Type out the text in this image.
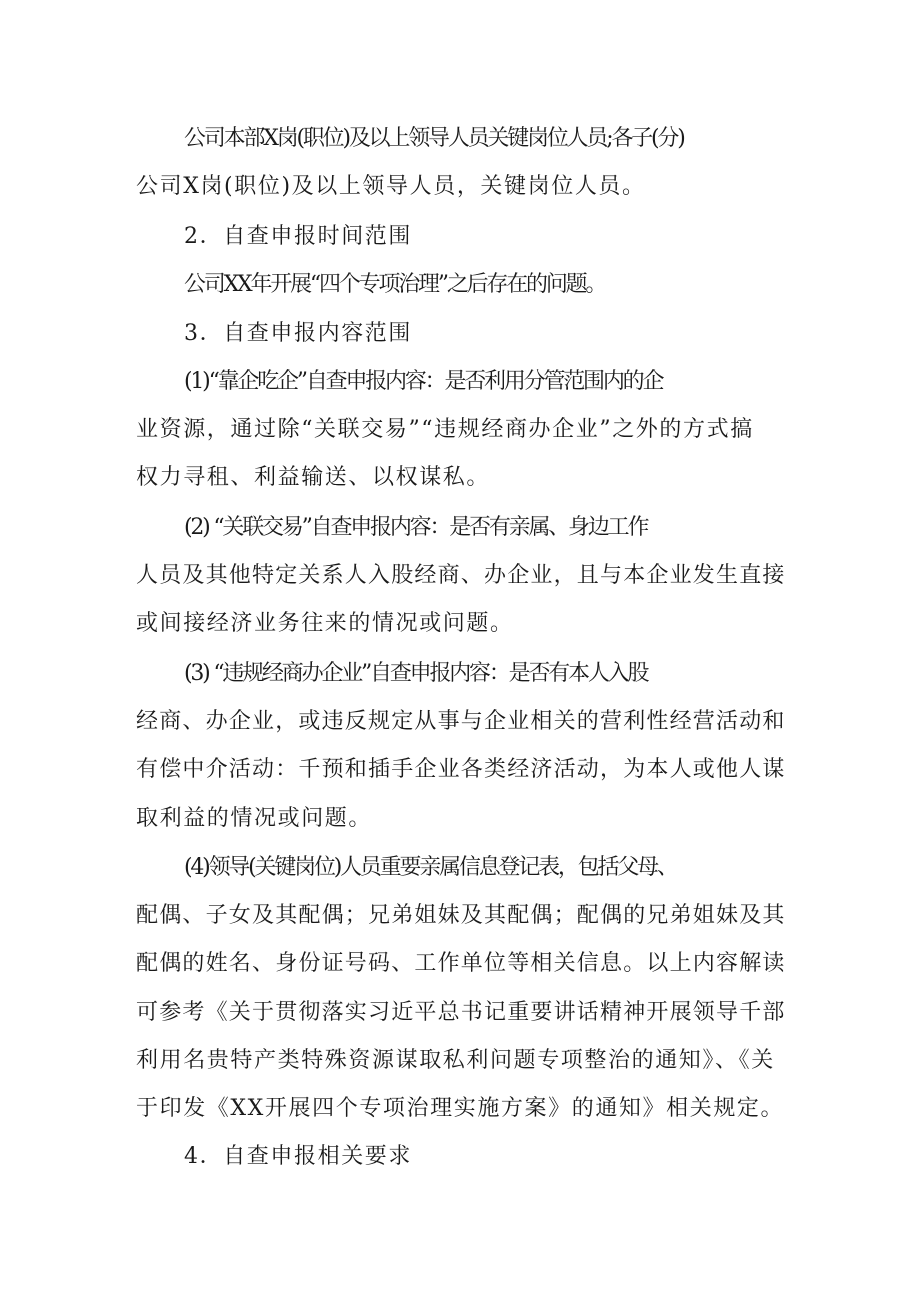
公司本部X岗(职位)及以上领导人员关键岗位人员;各子(分)
公司X岗(职位)及以上领导人员，关键岗位人员。
2．自查申报时间范围
公司XX年开展“四个专项治理”之后存在的问题。
3．自查申报内容范围
(1)“靠企吃企”自查申报内容：是否利用分管范围内的企
业资源，通过除“关联交易”“违规经商办企业”之外的方式搞
权力寻租、利益输送、以权谋私。
(2) “关联交易”自查申报内容：是否有亲属、身边工作
人员及其他特定关系人入股经商、办企业，且与本企业发生直接
或间接经济业务往来的情况或问题。
(3) “违规经商办企业”自查申报内容：是否有本人入股
经商、办企业，或违反规定从事与企业相关的营利性经营活动和
有偿中介活动：千预和插手企业各类经济活动，为本人或他人谋
取利益的情况或问题。
(4)领导(关键岗位)人员重要亲属信息登记表，包括父母、
配偶、子女及其配偶；兄弟姐妹及其配偶；配偶的兄弟姐妹及其
配偶的姓名、身份证号码、工作单位等相关信息。以上内容解读
可参考《关于贯彻落实习近平总书记重要讲话精神开展领导千部
利用名贵特产类特殊资源谋取私利问题专项整治的通知》、《关
于印发《XX开展四个专项治理实施方案》的通知》相关规定。
4．自查申报相关要求
